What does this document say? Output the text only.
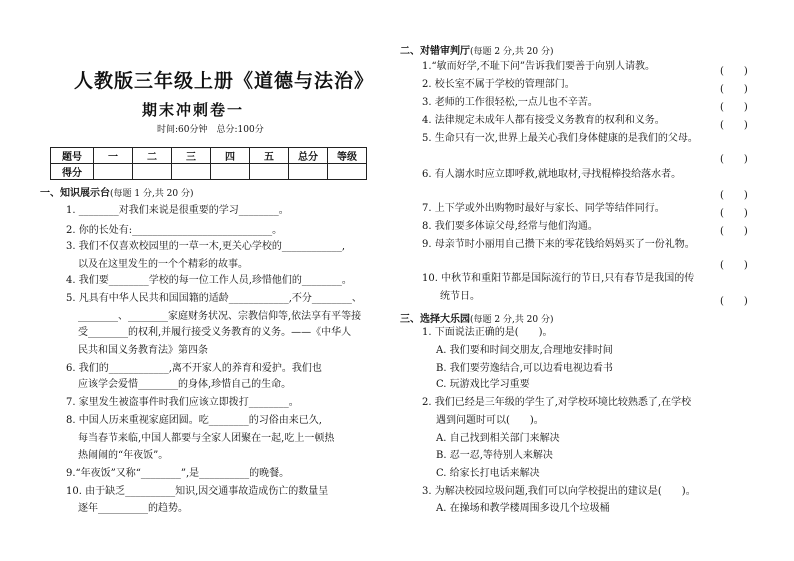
人教版三年级上册《道德与法治》
期末冲刺卷一
时间:60分钟　总分:100分
题号	一	二	三	四	五	总分	等级
得分							
一、知识展示台(每题 1 分,共 20 分)
1. ________对我们来说是很重要的学习________。
2. 你的长处有:____________________________。
3. 我们不仅喜欢校园里的一草一木,更关心学校的____________,
以及在这里发生的一个个精彩的故事。
4. 我们要________学校的每一位工作人员,珍惜他们的________。
5. 凡具有中华人民共和国国籍的适龄____________,不分________、
________、________家庭财务状况、宗教信仰等,依法享有平等接
受________的权利,并履行接受义务教育的义务。——《中华人
民共和国义务教育法》第四条
6. 我们的____________,离不开家人的养育和爱护。我们也
应该学会爱惜________的身体,珍惜自己的生命。
7. 家里发生被盗事件时我们应该立即拨打________。
8. 中国人历来重视家庭团圆。吃________的习俗由来已久,
每当春节来临,中国人都要与全家人团聚在一起,吃上一顿热
热闹闹的“年夜饭”。
9.“年夜饭”又称“________”,是__________的晚餐。
10. 由于缺乏__________知识,因交通事故造成伤亡的数量呈
逐年__________的趋势。
二、对错审判厅(每题 2 分,共 20 分)
1.“敏而好学,不耻下问”告诉我们要善于向别人请教。	(　　)
2. 校长室不属于学校的管理部门。	(　　)
3. 老师的工作很轻松,一点儿也不辛苦。	(　　)
4. 法律规定未成年人都有接受义务教育的权利和义务。	(　　)
5. 生命只有一次,世界上最关心我们身体健康的是我们的父母。
(　　)
6. 有人溺水时应立即呼救,就地取材,寻找棍棒投给落水者。
(　　)
7. 上下学或外出购物时最好与家长、同学等结伴同行。	(　　)
8. 我们要多体谅父母,经常与他们沟通。	(　　)
9. 母亲节时小丽用自己攒下来的零花钱给妈妈买了一份礼物。
(　　)
10. 中秋节和重阳节都是国际流行的节日,只有春节是我国的传
统节日。	(　　)
三、选择大乐园(每题 2 分,共 20 分)
1. 下面说法正确的是(　　)。
A. 我们要和时间交朋友,合理地安排时间
B. 我们要劳逸结合,可以边看电视边看书
C. 玩游戏比学习重要
2. 我们已经是三年级的学生了,对学校环境比较熟悉了,在学校
遇到问题时可以(　　)。
A. 自己找到相关部门来解决
B. 忍一忍,等待别人来解决
C. 给家长打电话来解决
3. 为解决校园垃圾问题,我们可以向学校提出的建议是(　　)。
A. 在操场和教学楼周围多设几个垃圾桶
